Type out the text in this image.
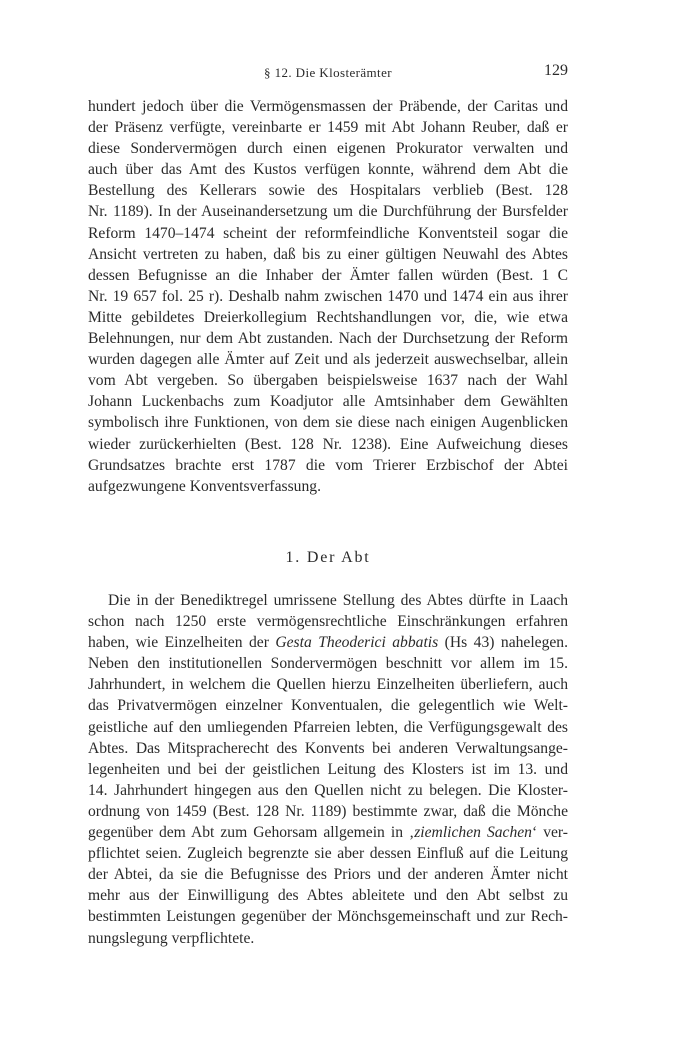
§ 12. Die Klosterämter	129
hundert jedoch über die Vermögensmassen der Präbende, der Caritas und
der Präsenz verfügte, vereinbarte er 1459 mit Abt Johann Reuber, daß er
diese Sondervermögen durch einen eigenen Prokurator verwalten und
auch über das Amt des Kustos verfügen konnte, während dem Abt die
Bestellung des Kellerars sowie des Hospitalars verblieb (Best. 128
Nr. 1189). In der Auseinandersetzung um die Durchführung der Bursfelder
Reform 1470–1474 scheint der reformfeindliche Konventsteil sogar die
Ansicht vertreten zu haben, daß bis zu einer gültigen Neuwahl des Abtes
dessen Befugnisse an die Inhaber der Ämter fallen würden (Best. 1 C
Nr. 19 657 fol. 25 r). Deshalb nahm zwischen 1470 und 1474 ein aus ihrer
Mitte gebildetes Dreierkollegium Rechtshandlungen vor, die, wie etwa
Belehnungen, nur dem Abt zustanden. Nach der Durchsetzung der Reform
wurden dagegen alle Ämter auf Zeit und als jederzeit auswechselbar, allein
vom Abt vergeben. So übergaben beispielsweise 1637 nach der Wahl
Johann Luckenbachs zum Koadjutor alle Amtsinhaber dem Gewählten
symbolisch ihre Funktionen, von dem sie diese nach einigen Augenblicken
wieder zurückerhielten (Best. 128 Nr. 1238). Eine Aufweichung dieses
Grundsatzes brachte erst 1787 die vom Trierer Erzbischof der Abtei
aufgezwungene Konventsverfassung.
1. Der Abt
Die in der Benediktregel umrissene Stellung des Abtes dürfte in Laach
schon nach 1250 erste vermögensrechtliche Einschränkungen erfahren
haben, wie Einzelheiten der Gesta Theoderici abbatis (Hs 43) nahelegen.
Neben den institutionellen Sondervermögen beschnitt vor allem im 15.
Jahrhundert, in welchem die Quellen hierzu Einzelheiten überliefern, auch
das Privatvermögen einzelner Konventualen, die gelegentlich wie Welt-
geistliche auf den umliegenden Pfarreien lebten, die Verfügungsgewalt des
Abtes. Das Mitspracherecht des Konvents bei anderen Verwaltungsange-
legenheiten und bei der geistlichen Leitung des Klosters ist im 13. und
14. Jahrhundert hingegen aus den Quellen nicht zu belegen. Die Kloster-
ordnung von 1459 (Best. 128 Nr. 1189) bestimmte zwar, daß die Mönche
gegenüber dem Abt zum Gehorsam allgemein in ‚ziemlichen Sachen‘ ver-
pflichtet seien. Zugleich begrenzte sie aber dessen Einfluß auf die Leitung
der Abtei, da sie die Befugnisse des Priors und der anderen Ämter nicht
mehr aus der Einwilligung des Abtes ableitete und den Abt selbst zu
bestimmten Leistungen gegenüber der Mönchsgemeinschaft und zur Rech-
nungslegung verpflichtete.
